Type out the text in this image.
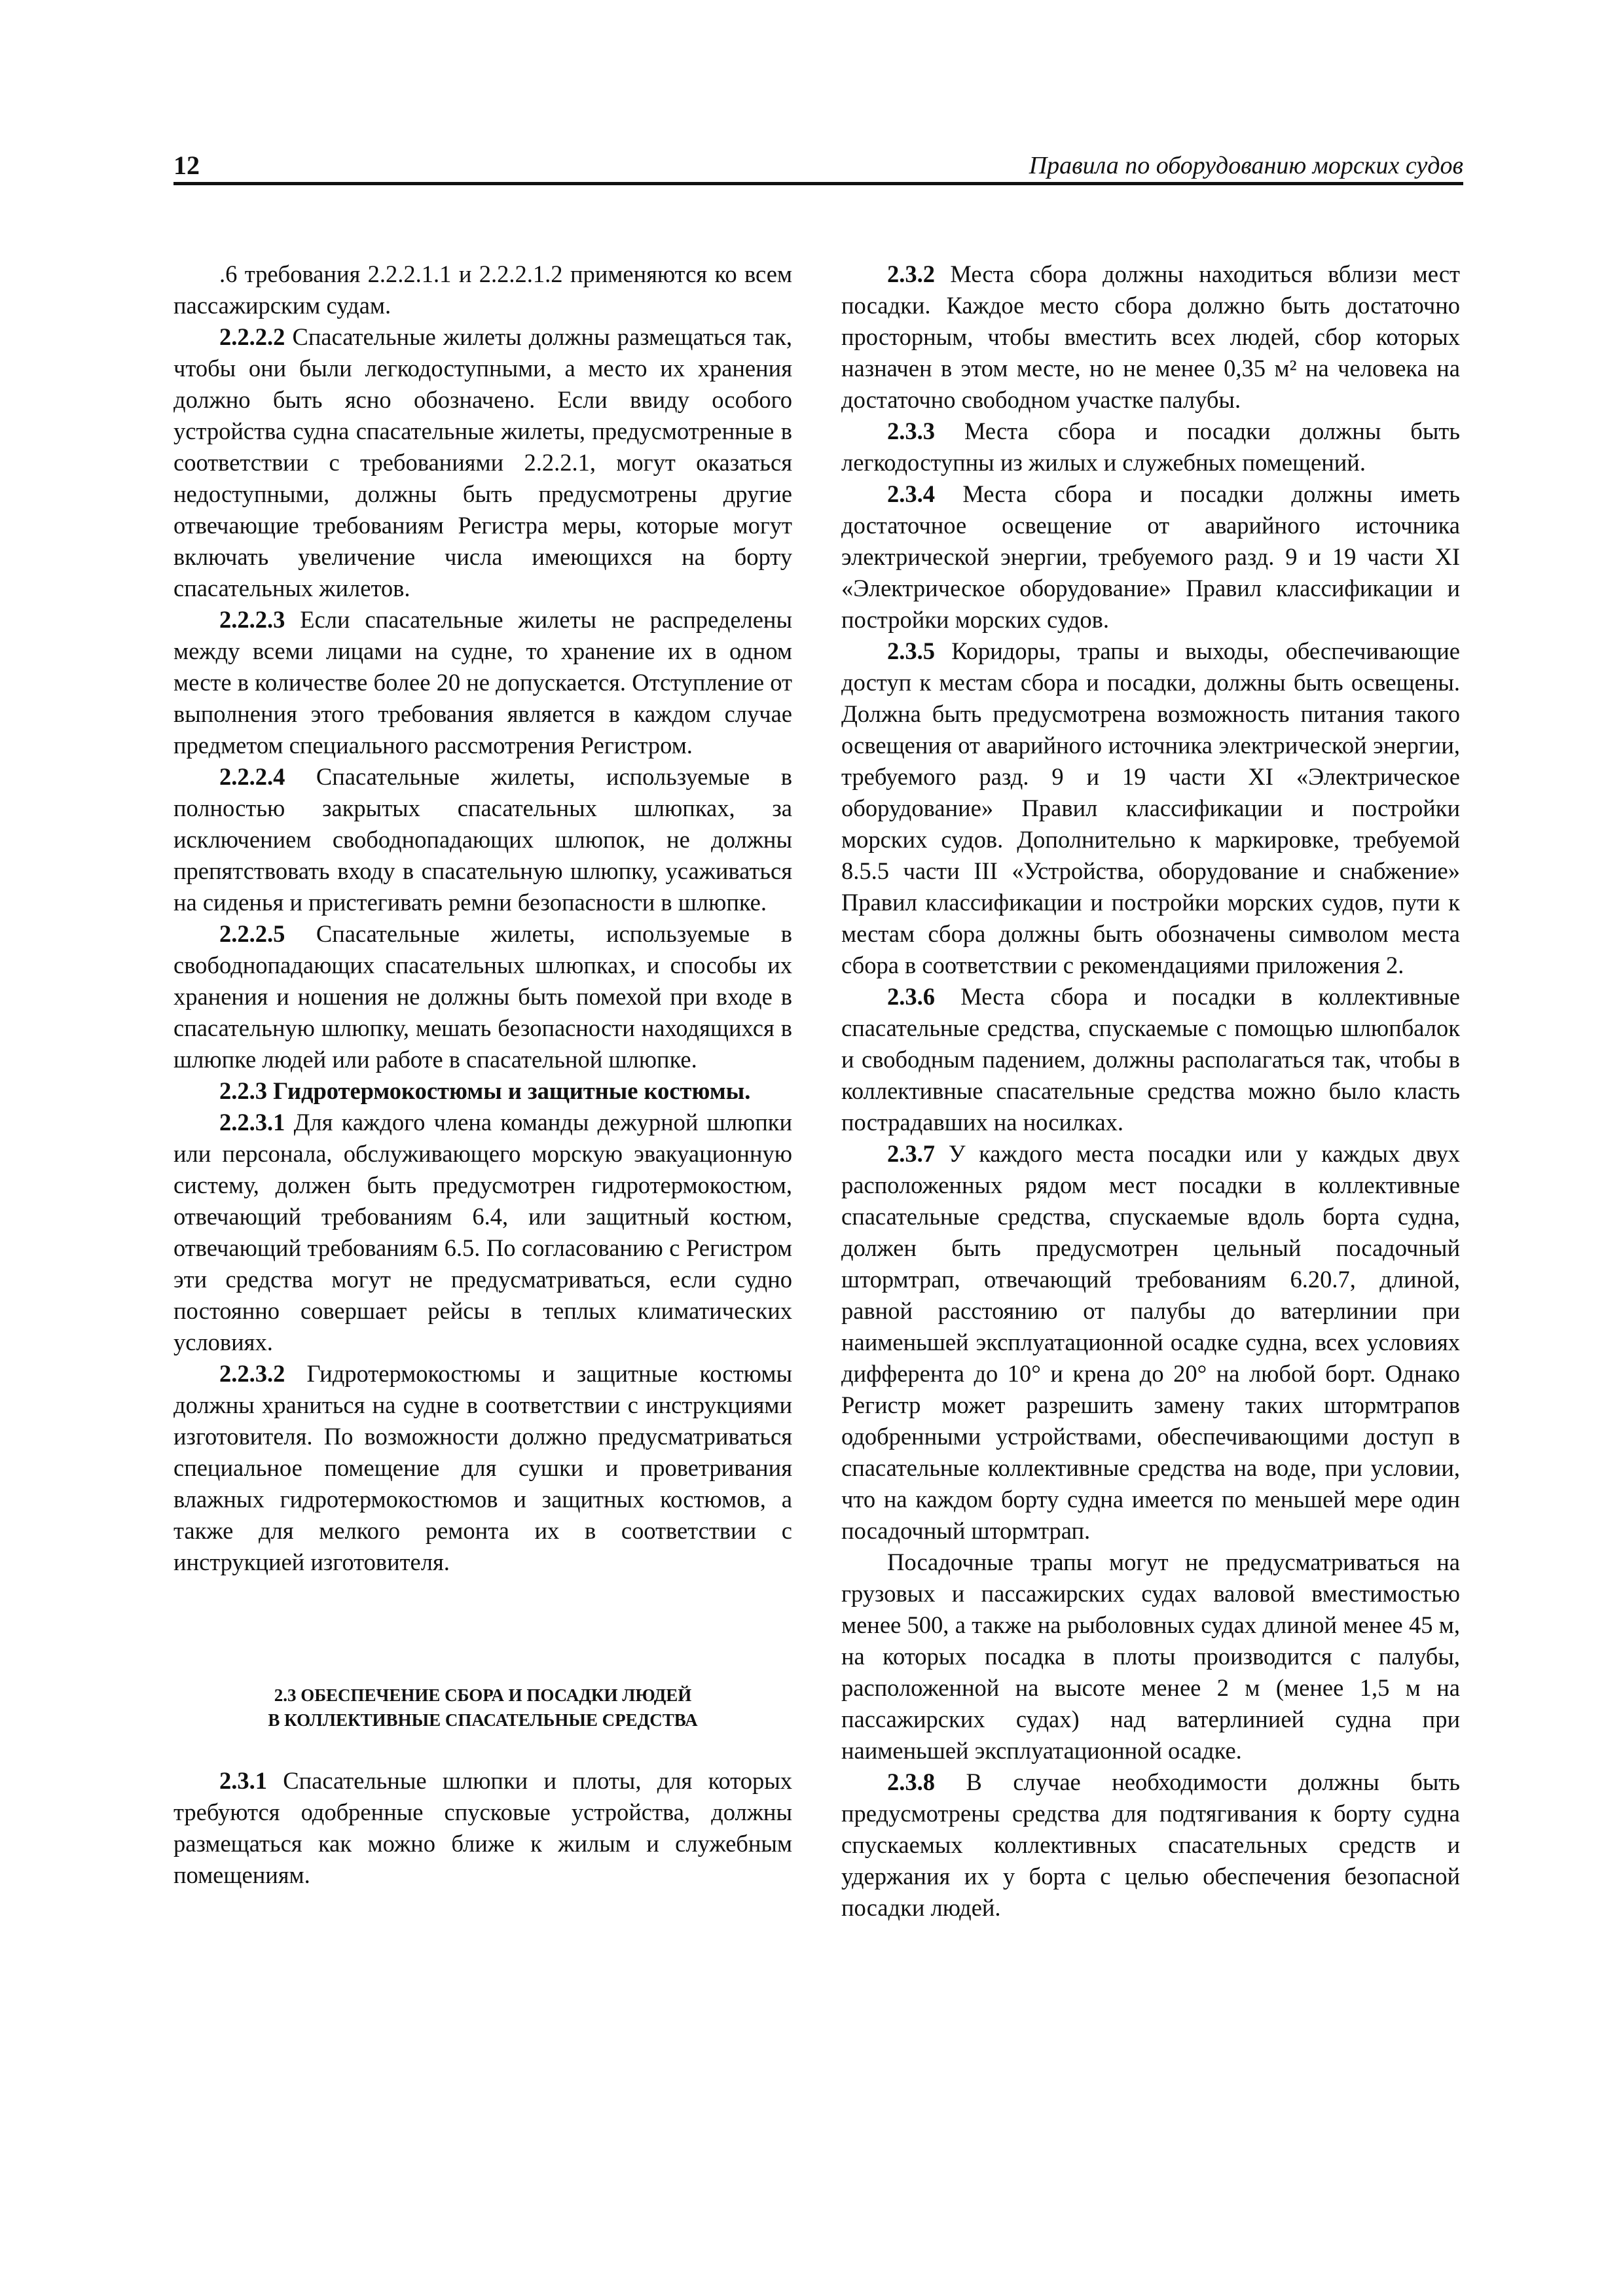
12	Правила по оборудованию морских судов

.6 требования 2.2.2.1.1 и 2.2.2.1.2 применяются ко всем пассажирским судам.

2.2.2.2 Спасательные жилеты должны размещаться так, чтобы они были легкодоступными, а место их хранения должно быть ясно обозначено. Если ввиду особого устройства судна спасательные жилеты, предусмотренные в соответствии с требованиями 2.2.2.1, могут оказаться недоступными, должны быть предусмотрены другие отвечающие требованиям Регистра меры, которые могут включать увеличение числа имеющихся на борту спасательных жилетов.

2.2.2.3 Если спасательные жилеты не распределены между всеми лицами на судне, то хранение их в одном месте в количестве более 20 не допускается. Отступление от выполнения этого требования является в каждом случае предметом специального рассмотрения Регистром.

2.2.2.4 Спасательные жилеты, используемые в полностью закрытых спасательных шлюпках, за исключением свободнопадающих шлюпок, не должны препятствовать входу в спасательную шлюпку, усаживаться на сиденья и пристегивать ремни безопасности в шлюпке.

2.2.2.5 Спасательные жилеты, используемые в свободнопадающих спасательных шлюпках, и способы их хранения и ношения не должны быть помехой при входе в спасательную шлюпку, мешать безопасности находящихся в шлюпке людей или работе в спасательной шлюпке.

2.2.3 Гидротермокостюмы и защитные костюмы.

2.2.3.1 Для каждого члена команды дежурной шлюпки или персонала, обслуживающего морскую эвакуационную систему, должен быть предусмотрен гидротермокостюм, отвечающий требованиям 6.4, или защитный костюм, отвечающий требованиям 6.5. По согласованию с Регистром эти средства могут не предусматриваться, если судно постоянно совершает рейсы в теплых климатических условиях.

2.2.3.2 Гидротермокостюмы и защитные костюмы должны храниться на судне в соответствии с инструкциями изготовителя. По возможности должно предусматриваться специальное помещение для сушки и проветривания влажных гидротермокостюмов и защитных костюмов, а также для мелкого ремонта их в соответствии с инструкцией изготовителя.

2.3 ОБЕСПЕЧЕНИЕ СБОРА И ПОСАДКИ ЛЮДЕЙ
В КОЛЛЕКТИВНЫЕ СПАСАТЕЛЬНЫЕ СРЕДСТВА

2.3.1 Спасательные шлюпки и плоты, для которых требуются одобренные спусковые устройства, должны размещаться как можно ближе к жилым и служебным помещениям.

2.3.2 Места сбора должны находиться вблизи мест посадки. Каждое место сбора должно быть достаточно просторным, чтобы вместить всех людей, сбор которых назначен в этом месте, но не менее 0,35 м² на человека на достаточно свободном участке палубы.

2.3.3 Места сбора и посадки должны быть легкодоступны из жилых и служебных помещений.

2.3.4 Места сбора и посадки должны иметь достаточное освещение от аварийного источника электрической энергии, требуемого разд. 9 и 19 части XI «Электрическое оборудование» Правил классификации и постройки морских судов.

2.3.5 Коридоры, трапы и выходы, обеспечивающие доступ к местам сбора и посадки, должны быть освещены. Должна быть предусмотрена возможность питания такого освещения от аварийного источника электрической энергии, требуемого разд. 9 и 19 части XI «Электрическое оборудование» Правил классификации и постройки морских судов. Дополнительно к маркировке, требуемой 8.5.5 части III «Устройства, оборудование и снабжение» Правил классификации и постройки морских судов, пути к местам сбора должны быть обозначены символом места сбора в соответствии с рекомендациями приложения 2.

2.3.6 Места сбора и посадки в коллективные спасательные средства, спускаемые с помощью шлюпбалок и свободным падением, должны располагаться так, чтобы в коллективные спасательные средства можно было класть пострадавших на носилках.

2.3.7 У каждого места посадки или у каждых двух расположенных рядом мест посадки в коллективные спасательные средства, спускаемые вдоль борта судна, должен быть предусмотрен цельный посадочный штормтрап, отвечающий требованиям 6.20.7, длиной, равной расстоянию от палубы до ватерлинии при наименьшей эксплуатационной осадке судна, всех условиях дифферента до 10° и крена до 20° на любой борт. Однако Регистр может разрешить замену таких штормтрапов одобренными устройствами, обеспечивающими доступ в спасательные коллективные средства на воде, при условии, что на каждом борту судна имеется по меньшей мере один посадочный штормтрап.

Посадочные трапы могут не предусматриваться на грузовых и пассажирских судах валовой вместимостью менее 500, а также на рыболовных судах длиной менее 45 м, на которых посадка в плоты производится с палубы, расположенной на высоте менее 2 м (менее 1,5 м на пассажирских судах) над ватерлинией судна при наименьшей эксплуатационной осадке.

2.3.8 В случае необходимости должны быть предусмотрены средства для подтягивания к борту судна спускаемых коллективных спасательных средств и удержания их у борта с целью обеспечения безопасной посадки людей.
